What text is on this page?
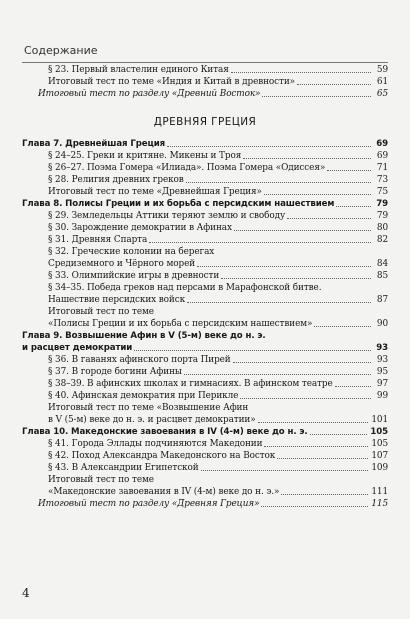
Содержание
§ 23. Первый властелин единого Китая	59
Итоговый тест по теме «Индия и Китай в древности»	61
Итоговый тест по разделу «Древний Восток»	65
ДРЕВНЯЯ ГРЕЦИЯ
Глава 7. Древнейшая Греция	69
§ 24–25. Греки и критяне. Микены и Троя	69
§ 26–27. Поэма Гомера «Илиада». Поэма Гомера «Одиссея»	71
§ 28. Религия древних греков	73
Итоговый тест по теме «Древнейшая Греция»	75
Глава 8. Полисы Греции и их борьба с персидским нашествием	79
§ 29. Земледельцы Аттики теряют землю и свободу	79
§ 30. Зарождение демократии в Афинах	80
§ 31. Древняя Спарта	82
§ 32. Греческие колонии на берегах
Средиземного и Чёрного морей	84
§ 33. Олимпийские игры в древности	85
§ 34–35. Победа греков над персами в Марафонской битве.
Нашествие персидских войск	87
Итоговый тест по теме
«Полисы Греции и их борьба с персидским нашествием»	90
Глава 9. Возвышение Афин в V (5-м) веке до н. э.
и расцвет демократии	93
§ 36. В гаванях афинского порта Пирей	93
§ 37. В городе богини Афины	95
§ 38–39. В афинских школах и гимнасиях. В афинском театре	97
§ 40. Афинская демократия при Перикле	99
Итоговый тест по теме «Возвышение Афин
в V (5-м) веке до н. э. и расцвет демократии»	101
Глава 10. Македонские завоевания в IV (4-м) веке до н. э.	105
§ 41. Города Эллады подчиняются Македонии	105
§ 42. Поход Александра Македонского на Восток	107
§ 43. В Александрии Египетской	109
Итоговый тест по теме
«Македонские завоевания в IV (4-м) веке до н. э.»	111
Итоговый тест по разделу «Древняя Греция»	115
4
